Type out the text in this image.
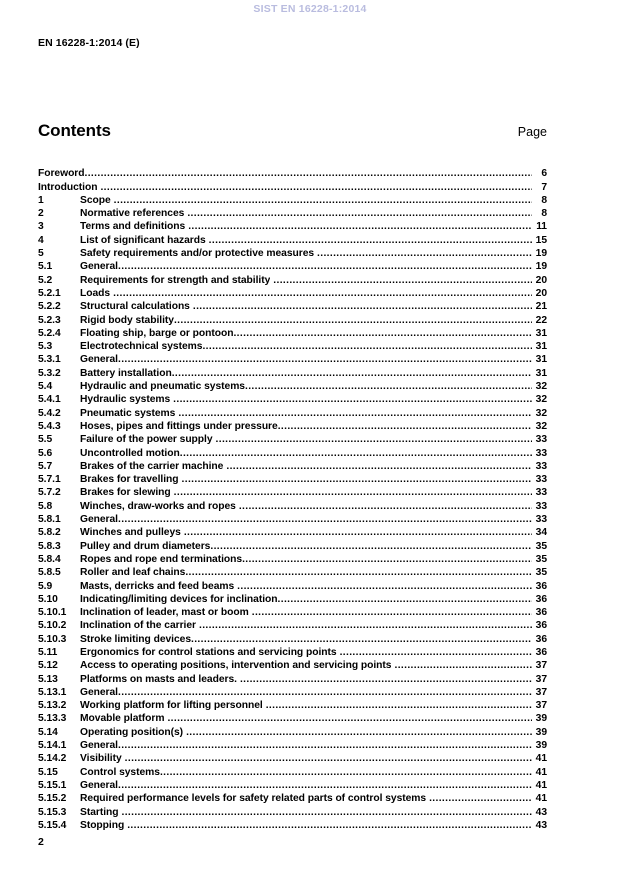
SIST EN 16228-1:2014
EN 16228-1:2014 (E)
Contents	Page
Foreword .....	6
Introduction .....	7
1	Scope .....	8
2	Normative references .....	8
3	Terms and definitions .....	11
4	List of significant hazards .....	15
5	Safety requirements and/or protective measures .....	19
5.1	General .....	19
5.2	Requirements for strength and stability .....	20
5.2.1	Loads .....	20
5.2.2	Structural calculations .....	21
5.2.3	Rigid body stability .....	22
5.2.4	Floating ship, barge or pontoon .....	31
5.3	Electrotechnical systems .....	31
5.3.1	General .....	31
5.3.2	Battery installation .....	31
5.4	Hydraulic and pneumatic systems .....	32
5.4.1	Hydraulic systems .....	32
5.4.2	Pneumatic systems .....	32
5.4.3	Hoses, pipes and fittings under pressure .....	32
5.5	Failure of the power supply .....	33
5.6	Uncontrolled motion .....	33
5.7	Brakes of the carrier machine .....	33
5.7.1	Brakes for travelling .....	33
5.7.2	Brakes for slewing .....	33
5.8	Winches, draw-works and ropes .....	33
5.8.1	General .....	33
5.8.2	Winches and pulleys .....	34
5.8.3	Pulley and drum diameters .....	35
5.8.4	Ropes and rope end terminations .....	35
5.8.5	Roller and leaf chains .....	35
5.9	Masts, derricks and feed beams .....	36
5.10	Indicating/limiting devices for inclination .....	36
5.10.1	Inclination of leader, mast or boom .....	36
5.10.2	Inclination of the carrier .....	36
5.10.3	Stroke limiting devices .....	36
5.11	Ergonomics for control stations and servicing points .....	36
5.12	Access to operating positions, intervention and servicing points .....	37
5.13	Platforms on masts and leaders. .....	37
5.13.1	General .....	37
5.13.2	Working platform for lifting personnel .....	37
5.13.3	Movable platform .....	39
5.14	Operating position(s) .....	39
5.14.1	General .....	39
5.14.2	Visibility .....	41
5.15	Control systems .....	41
5.15.1	General .....	41
5.15.2	Required performance levels for safety related parts of control systems .....	41
5.15.3	Starting .....	43
5.15.4	Stopping .....	43
2
